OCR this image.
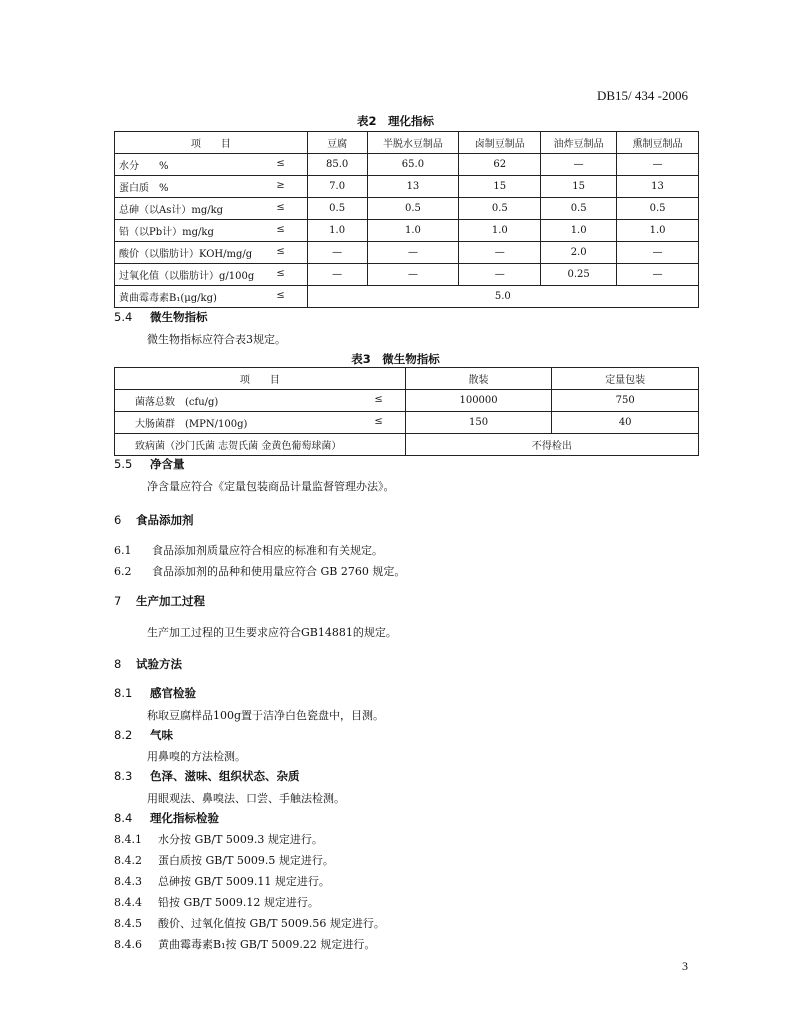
DB15/ 434 -2006
表2　理化指标
项　　目	豆腐	半脱水豆制品	卤制豆制品	油炸豆制品	熏制豆制品
水分　　% ≤	85.0	65.0	62	—	—
蛋白质　% ≥	7.0	13	15	15	13
总砷（以As计）mg/kg ≤	0.5	0.5	0.5	0.5	0.5
铅（以Pb计）mg/kg ≤	1.0	1.0	1.0	1.0	1.0
酸价（以脂肪计）KOH/mg/g ≤	—	—	—	2.0	—
过氧化值（以脂肪计）g/100g ≤	—	—	—	0.25	—
黄曲霉毒素B₁(μg/kg) ≤	5.0				
5.4 微生物指标
微生物指标应符合表3规定。
表3　微生物指标
项　　目	散装	定量包装
菌落总数　(cfu/g) ≤	100000	750
大肠菌群　(MPN/100g) ≤	150	40
致病菌（沙门氏菌 志贺氏菌 金黄色葡萄球菌）	不得检出	
5.5 净含量
净含量应符合《定量包装商品计量监督管理办法》。
6 食品添加剂
6.1 食品添加剂质量应符合相应的标准和有关规定。
6.2 食品添加剂的品种和使用量应符合 GB 2760 规定。
7 生产加工过程
生产加工过程的卫生要求应符合GB14881的规定。
8 试验方法
8.1 感官检验
称取豆腐样品100g置于洁净白色瓷盘中，目测。
8.2 气味
用鼻嗅的方法检测。
8.3 色泽、滋味、组织状态、杂质
用眼观法、鼻嗅法、口尝、手触法检测。
8.4 理化指标检验
8.4.1 水分按 GB/T 5009.3 规定进行。
8.4.2 蛋白质按 GB/T 5009.5 规定进行。
8.4.3 总砷按 GB/T 5009.11 规定进行。
8.4.4 铅按 GB/T 5009.12 规定进行。
8.4.5 酸价、过氧化值按 GB/T 5009.56 规定进行。
8.4.6 黄曲霉毒素B₁按 GB/T 5009.22 规定进行。
3
